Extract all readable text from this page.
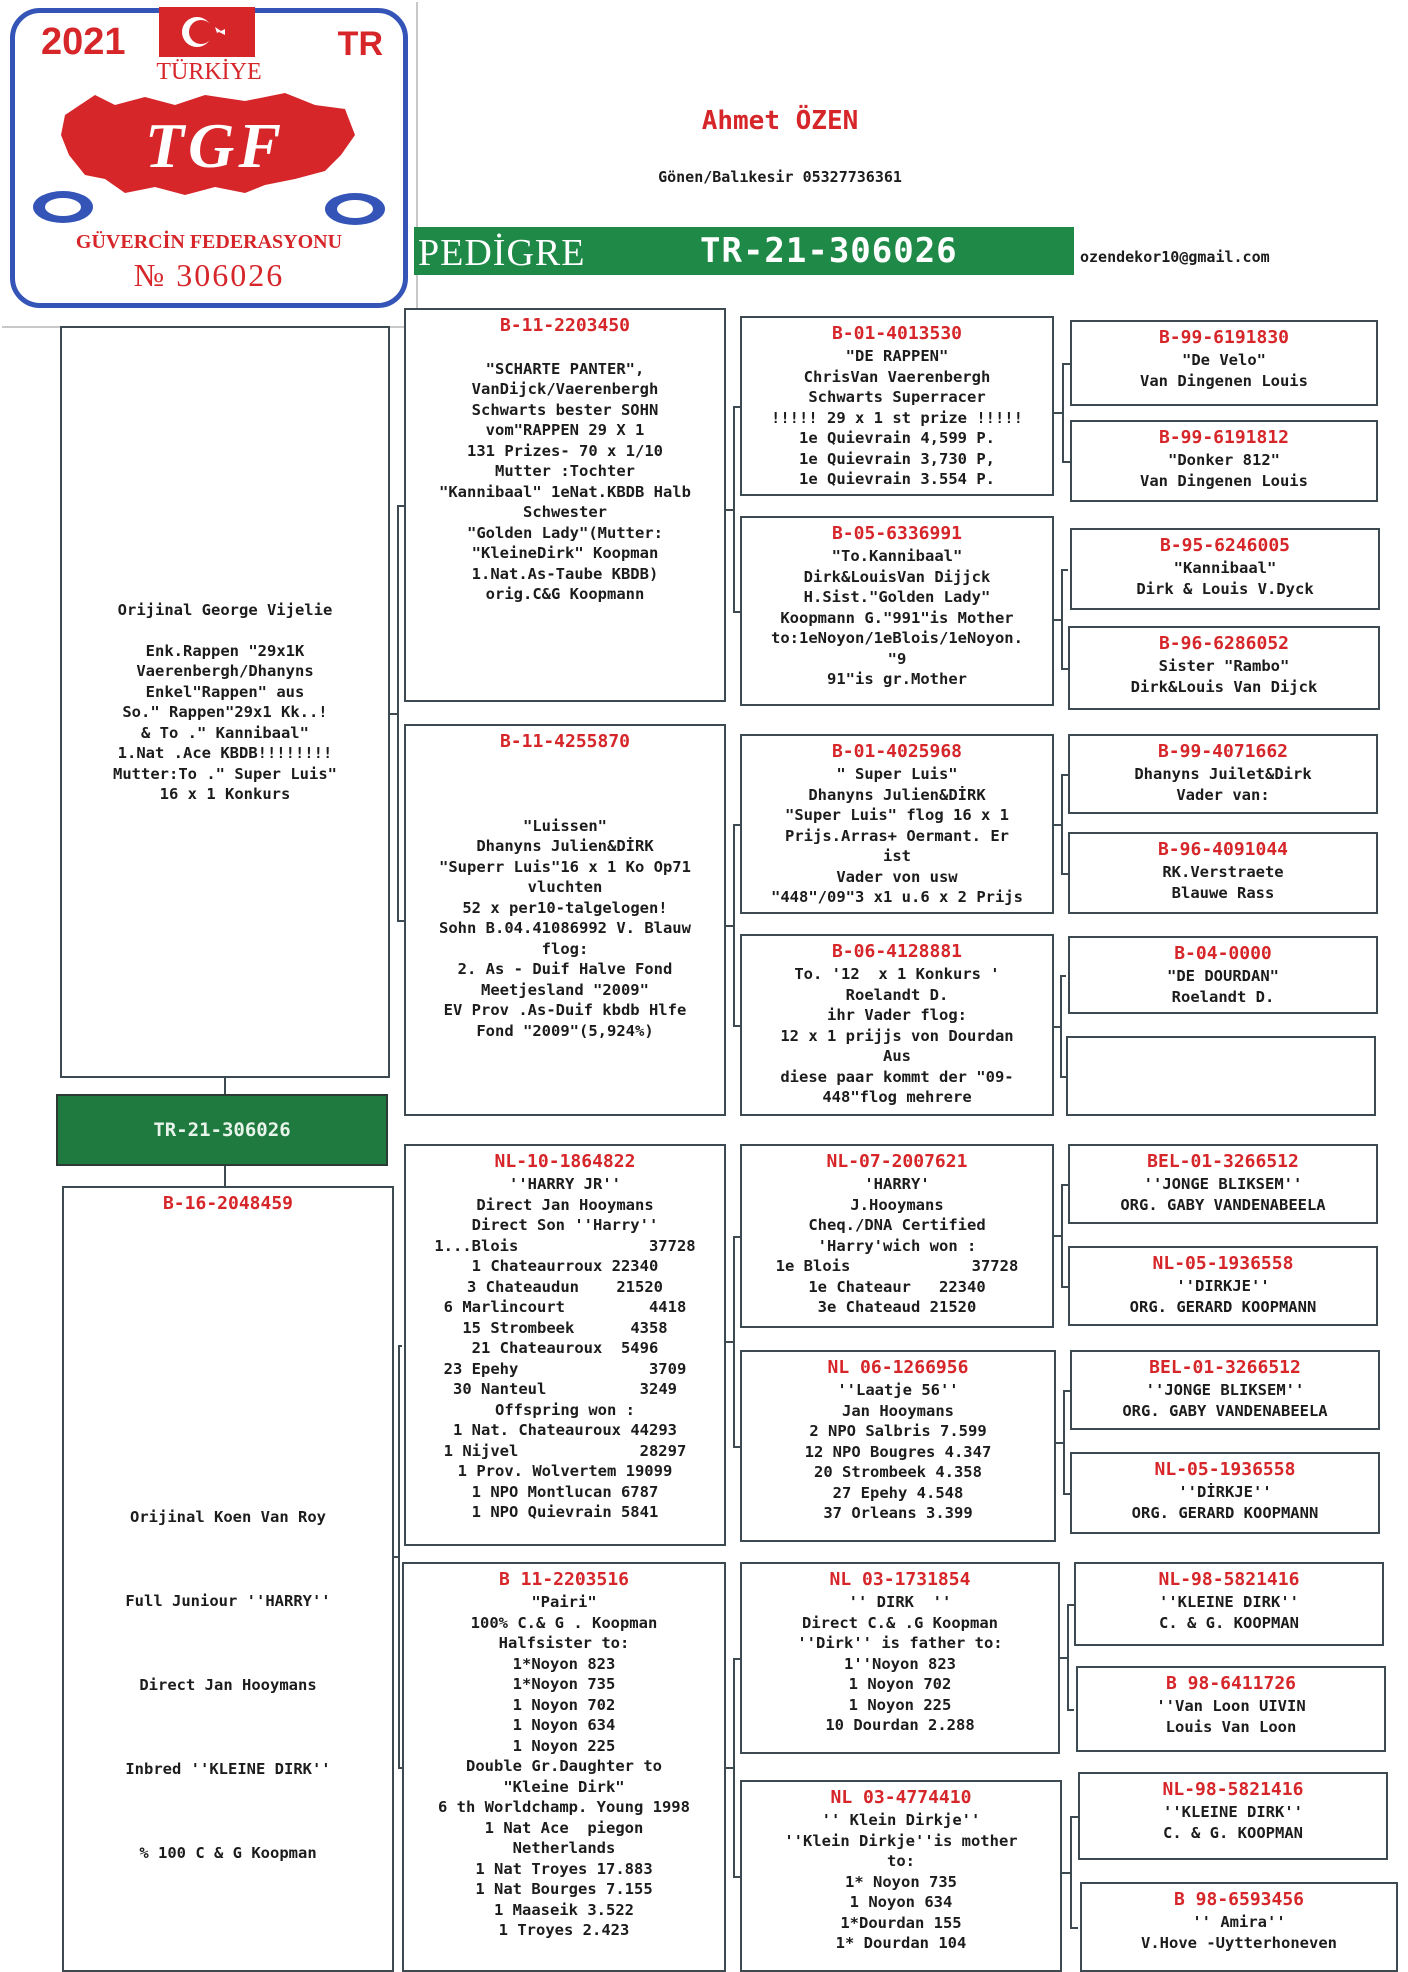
2021	TR
TÜRKİYE
TGF
GÜVERCİN FEDERASYONU
№ 306026
Ahmet ÖZEN
Gönen/Balıkesir 05327736361
ozendekor10@gmail.com
PEDİGRE	TR-21-306026
Orijinal George Vijelie

Enk.Rappen "29x1K
Vaerenbergh/Dhanyns
Enkel"Rappen" aus
So." Rappen"29x1 Kk..!
& To ." Kannibaal"
1.Nat .Ace KBDB!!!!!!!!
Mutter:To ." Super Luis"
16 x 1 Konkurs
TR-21-306026
B-16-2048459
Orijinal Koen Van Roy

Full Juniour ''HARRY''

Direct Jan Hooymans

Inbred ''KLEINE DIRK''

% 100 C & G Koopman
B-11-2203450

"SCHARTE PANTER",
VanDijck/Vaerenbergh
Schwarts bester SOHN
vom"RAPPEN 29 X 1
131 Prizes- 70 x 1/10
Mutter :Tochter
"Kannibaal" 1eNat.KBDB Halb
Schwester
"Golden Lady"(Mutter:
"KleineDirk" Koopman
1.Nat.As-Taube KBDB)
orig.C&G Koopmann
B-11-4255870

"Luissen"
Dhanyns Julien&DİRK
"Superr Luis"16 x 1 Ko Op71
vluchten
52 x per10-talgelogen!
Sohn B.04.41086992 V. Blauw
flog:
2. As - Duif Halve Fond
Meetjesland "2009"
EV Prov .As-Duif kbdb Hlfe
Fond "2009"(5,924%)
NL-10-1864822
''HARRY JR''
Direct Jan Hooymans
Direct Son ''Harry''
1...Blois              37728
1 Chateaurroux 22340
3 Chateaudun    21520
6 Marlincourt         4418
15 Strombeek      4358
21 Chateauroux  5496
23 Epehy              3709
30 Nanteul          3249
Offspring won :
1 Nat. Chateauroux 44293
1 Nijvel             28297
1 Prov. Wolvertem 19099
1 NPO Montlucan 6787
1 NPO Quievrain 5841
B 11-2203516
"Pairi"
100% C.& G . Koopman
Halfsister to:
1*Noyon 823
1*Noyon 735
1 Noyon 702
1 Noyon 634
1 Noyon 225
Double Gr.Daughter to
"Kleine Dirk"
6 th Worldchamp. Young 1998
1 Nat Ace  piegon
Netherlands
1 Nat Troyes 17.883
1 Nat Bourges 7.155
1 Maaseik 3.522
1 Troyes 2.423
B-01-4013530
"DE RAPPEN"
ChrisVan Vaerenbergh
Schwarts Superracer
!!!!! 29 x 1 st prize !!!!!
1e Quievrain 4,599 P.
1e Quievrain 3,730 P,
1e Quievrain 3.554 P.
B-05-6336991
"To.Kannibaal"
Dirk&LouisVan Dijjck
H.Sist."Golden Lady"
Koopmann G."991"is Mother
to:1eNoyon/1eBlois/1eNoyon.
"9
91"is gr.Mother
B-01-4025968
" Super Luis"
Dhanyns Julien&DİRK
"Super Luis" flog 16 x 1
Prijs.Arras+ Oermant. Er
ist
Vader von usw
"448"/09"3 x1 u.6 x 2 Prijs
B-06-4128881
To. '12  x 1 Konkurs '
Roelandt D.
ihr Vader flog:
12 x 1 prijjs von Dourdan
Aus
diese paar kommt der "09-
448"flog mehrere
NL-07-2007621
'HARRY'
J.Hooymans
Cheq./DNA Certified
'Harry'wich won :
1e Blois             37728
1e Chateaur   22340
3e Chateaud 21520
NL 06-1266956
''Laatje 56''
Jan Hooymans
2 NPO Salbris 7.599
12 NPO Bougres 4.347
20 Strombeek 4.358
27 Epehy 4.548
37 Orleans 3.399
NL 03-1731854
'' DIRK  ''
Direct C.& .G Koopman
''Dirk'' is father to:
1''Noyon 823
1 Noyon 702
1 Noyon 225
10 Dourdan 2.288
NL 03-4774410
'' Klein Dirkje''
''Klein Dirkje''is mother
to:
1* Noyon 735
1 Noyon 634
1*Dourdan 155
1* Dourdan 104
B-99-6191830
"De Velo"
Van Dingenen Louis
B-99-6191812
"Donker 812"
Van Dingenen Louis
B-95-6246005
"Kannibaal"
Dirk & Louis V.Dyck
B-96-6286052
Sister "Rambo"
Dirk&Louis Van Dijck
B-99-4071662
Dhanyns Juilet&Dirk
Vader van:
B-96-4091044
RK.Verstraete
Blauwe Rass
B-04-0000
"DE DOURDAN"
Roelandt D.
BEL-01-3266512
''JONGE BLIKSEM''
ORG. GABY VANDENABEELA
NL-05-1936558
''DIRKJE''
ORG. GERARD KOOPMANN
BEL-01-3266512
''JONGE BLIKSEM''
ORG. GABY VANDENABEELA
NL-05-1936558
''DİRKJE''
ORG. GERARD KOOPMANN
NL-98-5821416
''KLEINE DIRK''
C. & G. KOOPMAN
B 98-6411726
''Van Loon UIVIN
Louis Van Loon
NL-98-5821416
''KLEINE DIRK''
C. & G. KOOPMAN
B 98-6593456
'' Amira''
V.Hove -Uytterhoneven
